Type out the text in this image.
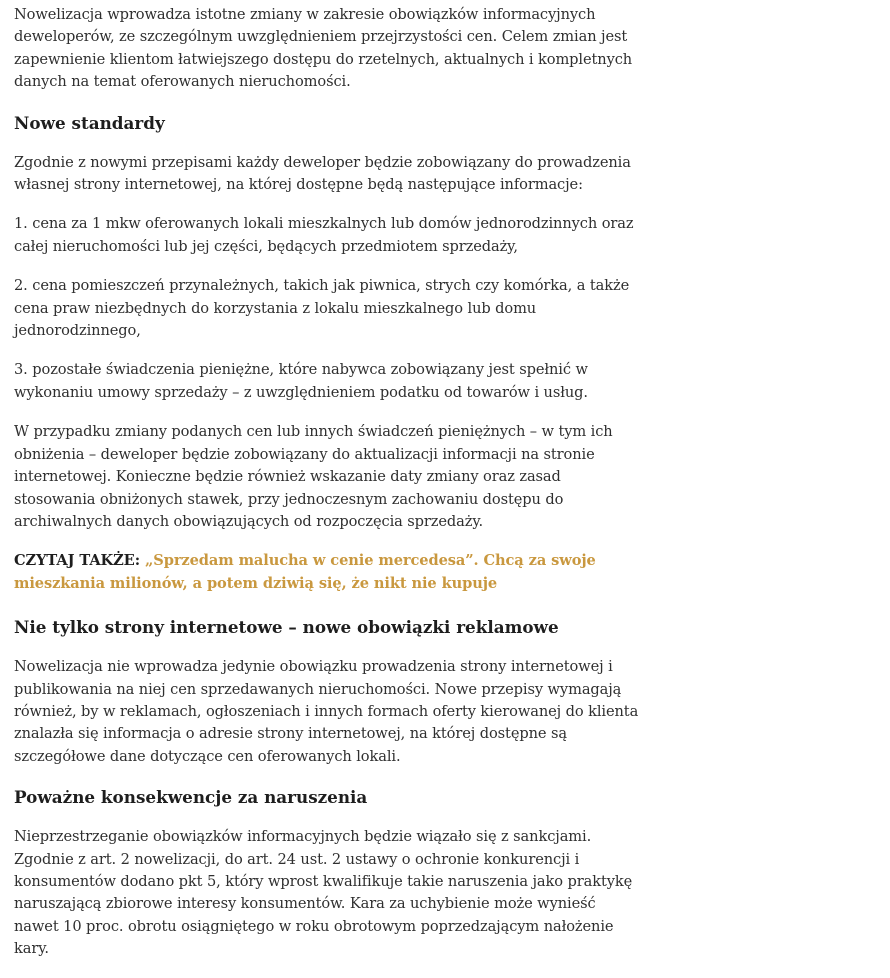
Nowelizacja wprowadza istotne zmiany w zakresie obowiązków informacyjnych deweloperów, ze szczególnym uwzględnieniem przejrzystości cen. Celem zmian jest zapewnienie klientom łatwiejszego dostępu do rzetelnych, aktualnych i kompletnych danych na temat oferowanych nieruchomości.

Nowe standardy

Zgodnie z nowymi przepisami każdy deweloper będzie zobowiązany do prowadzenia własnej strony internetowej, na której dostępne będą następujące informacje:

1. cena za 1 mkw oferowanych lokali mieszkalnych lub domów jednorodzinnych oraz całej nieruchomości lub jej części, będących przedmiotem sprzedaży,

2. cena pomieszczeń przynależnych, takich jak piwnica, strych czy komórka, a także cena praw niezbędnych do korzystania z lokalu mieszkalnego lub domu jednorodzinnego,

3. pozostałe świadczenia pieniężne, które nabywca zobowiązany jest spełnić w wykonaniu umowy sprzedaży – z uwzględnieniem podatku od towarów i usług.

W przypadku zmiany podanych cen lub innych świadczeń pieniężnych – w tym ich obniżenia – deweloper będzie zobowiązany do aktualizacji informacji na stronie internetowej. Konieczne będzie również wskazanie daty zmiany oraz zasad stosowania obniżonych stawek, przy jednoczesnym zachowaniu dostępu do archiwalnych danych obowiązujących od rozpoczęcia sprzedaży.

CZYTAJ TAKŻE: „Sprzedam malucha w cenie mercedesa”. Chcą za swoje mieszkania milionów, a potem dziwią się, że nikt nie kupuje

Nie tylko strony internetowe – nowe obowiązki reklamowe

Nowelizacja nie wprowadza jedynie obowiązku prowadzenia strony internetowej i publikowania na niej cen sprzedawanych nieruchomości. Nowe przepisy wymagają również, by w reklamach, ogłoszeniach i innych formach oferty kierowanej do klienta znalazła się informacja o adresie strony internetowej, na której dostępne są szczegółowe dane dotyczące cen oferowanych lokali.

Poważne konsekwencje za naruszenia

Nieprzestrzeganie obowiązków informacyjnych będzie wiązało się z sankcjami. Zgodnie z art. 2 nowelizacji, do art. 24 ust. 2 ustawy o ochronie konkurencji i konsumentów dodano pkt 5, który wprost kwalifikuje takie naruszenia jako praktykę naruszającą zbiorowe interesy konsumentów. Kara za uchybienie może wynieść nawet 10 proc. obrotu osiągniętego w roku obrotowym poprzedzającym nałożenie kary.
